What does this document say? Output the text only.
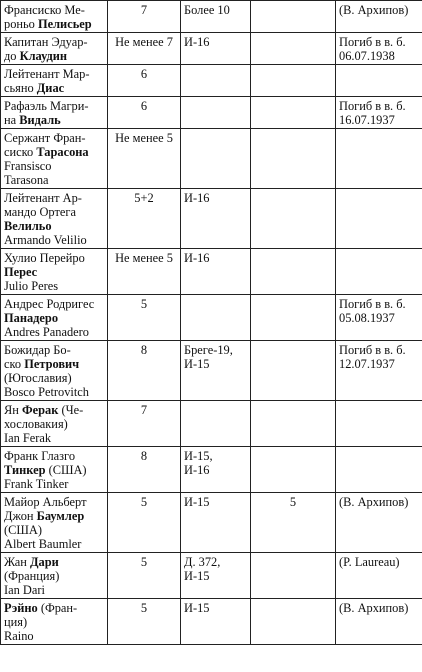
Франсиско Ме-
роньо Пелисьер	7	Более 10		(В. Архипов)

Капитан Эдуар-
до Клаудин	Не менее 7	И-16		Погиб в в. б.
06.07.1938

Лейтенант Мар-
сьяно Диас	6			

Рафаэль Магри-
на Видаль	6			Погиб в в. б.
16.07.1937

Сержант Фран-
сиско Тарасона
Fransisco
Tarasona	Не менее 5			

Лейтенант Ар-
мандо Ортега
Велильо
Armando Velilio	5+2	И-16		

Хулио Перейро
Перес
Julio Peres	Не менее 5	И-16		

Андрес Родригес
Панадеро
Andres Panadero	5			Погиб в в. б.
05.08.1937

Божидар Бо-
ско Петрович
(Югославия)
Bosco Petrovitch	8	Бреге-19,
И-15		Погиб в в. б.
12.07.1937

Ян Ферак (Че-
хословакия)
Ian Ferak	7			

Франк Глазго
Тинкер (США)
Frank Tinker	8	И-15,
И-16		

Майор Альберт
Джон Баумлер
(США)
Albert Baumler	5	И-15	5	(В. Архипов)

Жан Дари
(Франция)
Ian Dari	5	Д. 372,
И-15		(P. Laureau)

Рэйно (Фран-
ция)
Raino	5	И-15		(В. Архипов)
